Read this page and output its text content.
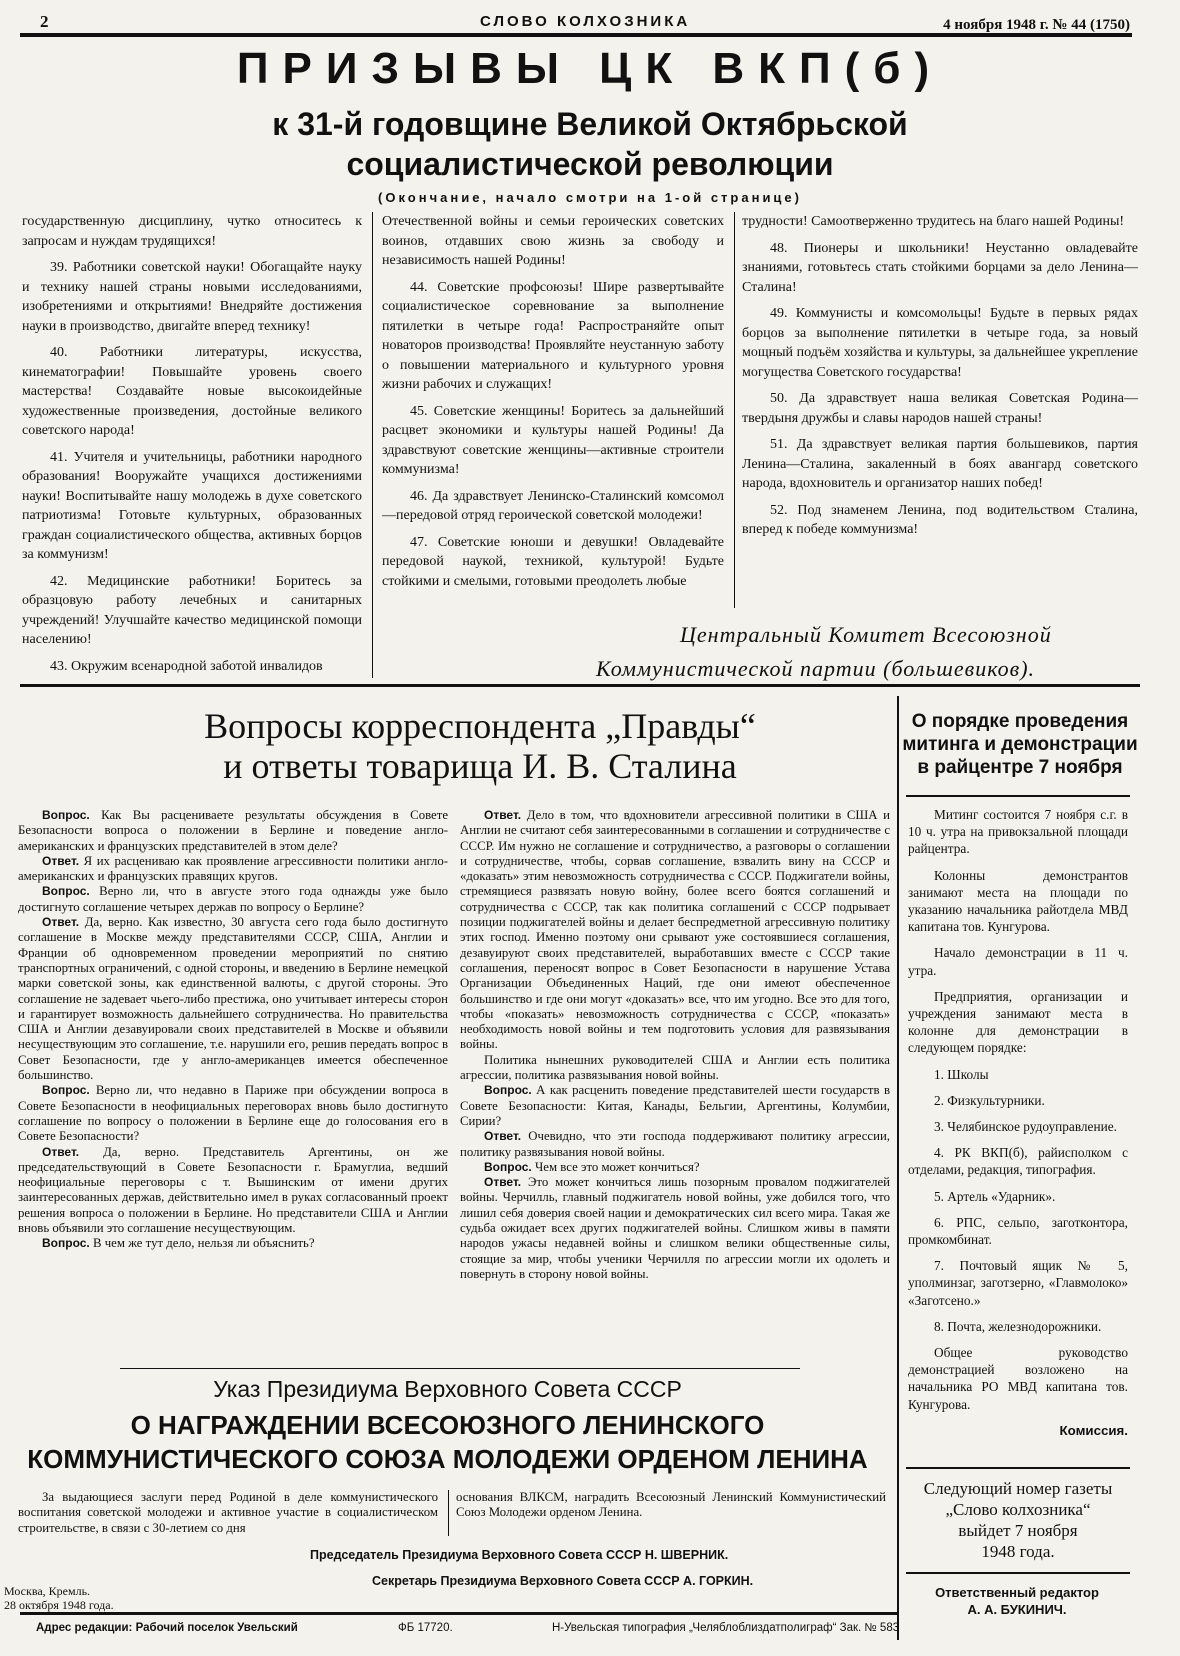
2	СЛОВО КОЛХОЗНИКА	4 ноября 1948 г. № 44 (1750)
ПРИЗЫВЫ ЦК ВКП(б)
к 31-й годовщине Великой Октябрьской
социалистической революции
(Окончание, начало смотри на 1-ой странице)

государственную дисциплину, чутко относитесь к запросам и нуждам трудящихся!

39. Работники советской науки! Обогащайте науку и технику нашей страны новыми исследованиями, изобретениями и открытиями! Внедряйте достижения науки в производство, двигайте вперед технику!

40. Работники литературы, искусства, кинематографии! Повышайте уровень своего мастерства! Создавайте новые высокоидейные художественные произведения, достойные великого советского народа!

41. Учителя и учительницы, работники народного образования! Вооружайте учащихся достижениями науки! Воспитывайте нашу молодежь в духе советского патриотизма! Готовьте культурных, образованных граждан социалистического общества, активных борцов за коммунизм!

42. Медицинские работники! Боритесь за образцовую работу лечебных и санитарных учреждений! Улучшайте качество медицинской помощи населению!

43. Окружим всенародной заботой инвалидов

Отечественной войны и семьи героических советских воинов, отдавших свою жизнь за свободу и независимость нашей Родины!

44. Советские профсоюзы! Шире развертывайте социалистическое соревнование за выполнение пятилетки в четыре года! Распространяйте опыт новаторов производства! Проявляйте неустанную заботу о повышении материального и культурного уровня жизни рабочих и служащих!

45. Советские женщины! Боритесь за дальнейший расцвет экономики и культуры нашей Родины! Да здравствуют советские женщины—активные строители коммунизма!

46. Да здравствует Ленинско-Сталинский комсомол—передовой отряд героической советской молодежи!

47. Советские юноши и девушки! Овладевайте передовой наукой, техникой, культурой! Будьте стойкими и смелыми, готовыми преодолеть любые

трудности! Самоотверженно трудитесь на благо нашей Родины!

48. Пионеры и школьники! Неустанно овладевайте знаниями, готовьтесь стать стойкими борцами за дело Ленина—Сталина!

49. Коммунисты и комсомольцы! Будьте в первых рядах борцов за выполнение пятилетки в четыре года, за новый мощный подъём хозяйства и культуры, за дальнейшее укрепление могущества Советского государства!

50. Да здравствует наша великая Советская Родина—твердыня дружбы и славы народов нашей страны!

51. Да здравствует великая партия большевиков, партия Ленина—Сталина, закаленный в боях авангард советского народа, вдохновитель и организатор наших побед!

52. Под знаменем Ленина, под водительством Сталина, вперед к победе коммунизма!

Центральный Комитет Всесоюзной
Коммунистической партии (большевиков).
Вопросы корреспондента „Правды“
и ответы товарища И. В. Сталина

Вопрос. Как Вы расцениваете результаты обсуждения в Совете Безопасности вопроса о положении в Берлине и поведение англо-американских и французских представителей в этом деле?

Ответ. Я их расцениваю как проявление агрессивности политики англо-американских и французских правящих кругов.

Вопрос. Верно ли, что в августе этого года однажды уже было достигнуто соглашение четырех держав по вопросу о Берлине?

Ответ. Да, верно. Как известно, 30 августа сего года было достигнуто соглашение в Москве между представителями СССР, США, Англии и Франции об одновременном проведении мероприятий по снятию транспортных ограничений, с одной стороны, и введению в Берлине немецкой марки советской зоны, как единственной валюты, с другой стороны. Это соглашение не задевает чьего-либо престижа, оно учитывает интересы сторон и гарантирует возможность дальнейшего сотрудничества. Но правительства США и Англии дезавуировали своих представителей в Москве и объявили несуществующим это соглашение, т.е. нарушили его, решив передать вопрос в Совет Безопасности, где у англо-американцев имеется обеспеченное большинство.

Вопрос. Верно ли, что недавно в Париже при обсуждении вопроса в Совете Безопасности в неофициальных переговорах вновь было достигнуто соглашение по вопросу о положении в Берлине еще до голосования его в Совете Безопасности?

Ответ. Да, верно. Представитель Аргентины, он же председательствующий в Совете Безопасности г. Брамуглиа, ведший неофициальные переговоры с т. Вышинским от имени других заинтересованных держав, действительно имел в руках согласованный проект решения вопроса о положении в Берлине. Но представители США и Англии вновь объявили это соглашение несуществующим.

Вопрос. В чем же тут дело, нельзя ли объяснить?

Ответ. Дело в том, что вдохновители агрессивной политики в США и Англии не считают себя заинтересованными в соглашении и сотрудничестве с СССР. Им нужно не соглашение и сотрудничество, а разговоры о соглашении и сотрудничестве, чтобы, сорвав соглашение, взвалить вину на СССР и «доказать» этим невозможность сотрудничества с СССР. Поджигатели войны, стремящиеся развязать новую войну, более всего боятся соглашений и сотрудничества с СССР, так как политика соглашений с СССР подрывает позиции поджигателей войны и делает беспредметной агрессивную политику этих господ. Именно поэтому они срывают уже состоявшиеся соглашения, дезавуируют своих представителей, выработавших вместе с СССР такие соглашения, переносят вопрос в Совет Безопасности в нарушение Устава Организации Объединенных Наций, где они имеют обеспеченное большинство и где они могут «доказать» все, что им угодно. Все это для того, чтобы «показать» невозможность сотрудничества с СССР, «показать» необходимость новой войны и тем подготовить условия для развязывания войны.

Политика нынешних руководителей США и Англии есть политика агрессии, политика развязывания новой войны.

Вопрос. А как расценить поведение представителей шести государств в Совете Безопасности: Китая, Канады, Бельгии, Аргентины, Колумбии, Сирии?

Ответ. Очевидно, что эти господа поддерживают политику агрессии, политику развязывания новой войны.

Вопрос. Чем все это может кончиться?

Ответ. Это может кончиться лишь позорным провалом поджигателей войны. Черчилль, главный поджигатель новой войны, уже добился того, что лишил себя доверия своей нации и демократических сил всего мира. Такая же судьба ожидает всех других поджигателей войны. Слишком живы в памяти народов ужасы недавней войны и слишком велики общественные силы, стоящие за мир, чтобы ученики Черчилля по агрессии могли их одолеть и повернуть в сторону новой войны.

О порядке проведения митинга и демонстрации в райцентре 7 ноября

Митинг состоится 7 ноября с.г. в 10 ч. утра на привокзальной площади райцентра.

Колонны демонстрантов занимают места на площади по указанию начальника райотдела МВД капитана тов. Кунгурова.

Начало демонстрации в 11 ч. утра.

Предприятия, организации и учреждения занимают места в колонне для демонстрации в следующем порядке:

1. Школы

2. Физкультурники.

3. Челябинское рудоуправление.

4. РК ВКП(б), райисполком с отделами, редакция, типография.

5. Артель «Ударник».

6. РПС, сельпо, заготконтора, промкомбинат.

7. Почтовый ящик № 5, уполминзаг, заготзерно, «Главмолоко» «Заготсено.»

8. Почта, железнодорожники.

Общее руководство демонстрацией возложено на начальника РО МВД капитана тов. Кунгурова.

Комиссия.

Следующий номер газеты
„Слово колхозника“
выйдет 7 ноября
1948 года.
Ответственный редактор
А. А. БУКИНИЧ.
Указ Президиума Верховного Совета СССР
О НАГРАЖДЕНИИ ВСЕСОЮЗНОГО ЛЕНИНСКОГО
КОММУНИСТИЧЕСКОГО СОЮЗА МОЛОДЕЖИ ОРДЕНОМ ЛЕНИНА

За выдающиеся заслуги перед Родиной в деле коммунистического воспитания советской молодежи и активное участие в социалистическом строительстве, в связи с 30-летием со дня

основания ВЛКСМ, наградить Всесоюзный Ленинский Коммунистический Союз Молодежи орденом Ленина.

Председатель Президиума Верховного Совета СССР Н. ШВЕРНИК.
Секретарь Президиума Верховного Совета СССР А. ГОРКИН.
Москва, Кремль.
28 октября 1948 года.
Адрес редакции: Рабочий поселок Увельский	ФБ 17720.	Н-Увельская типография „Челяблоблиздатполиграф“ Зак. № 583
